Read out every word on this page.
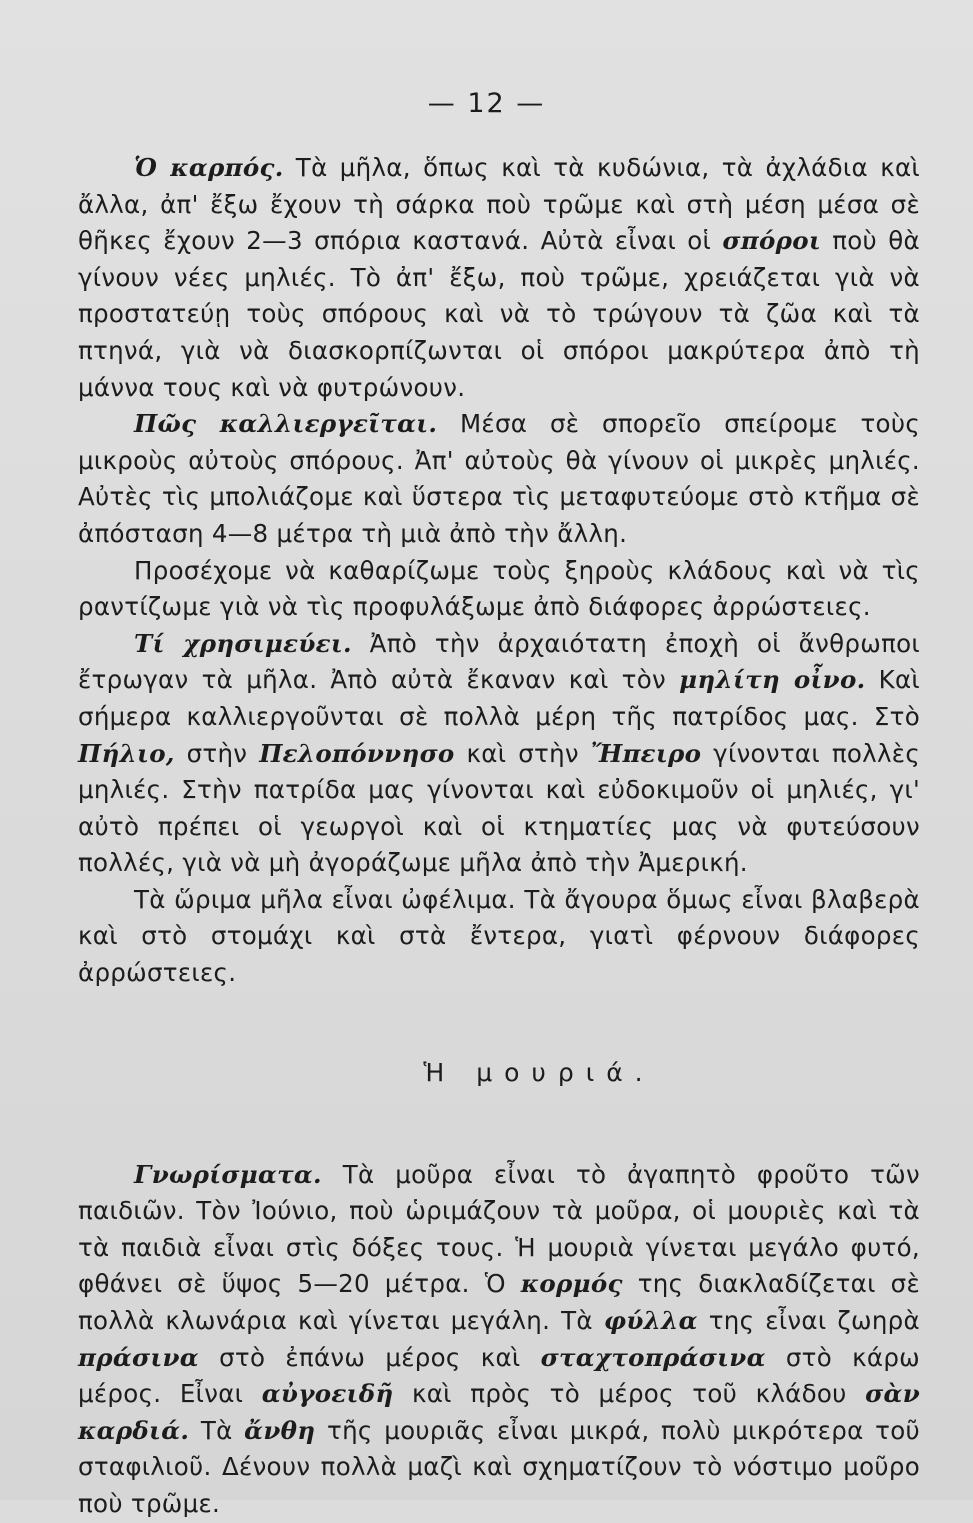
— 12 —

Ὁ καρπός. Τὰ μῆλα, ὅπως καὶ τὰ κυδώνια, τὰ ἀχλάδια καὶ ἄλλα, ἀπ' ἔξω ἔχουν τὴ σάρκα ποὺ τρῶμε καὶ στὴ μέση μέσα σὲ θῆκες ἔχουν 2—3 σπόρια καστανά. Αὐτὰ εἶναι οἱ σπόροι ποὺ θὰ γίνουν νέες μηλιές. Τὸ ἀπ' ἔξω, ποὺ τρῶμε, χρειάζεται γιὰ νὰ προστατεύῃ τοὺς σπόρους καὶ νὰ τὸ τρώγουν τὰ ζῶα καὶ τὰ πτηνά, γιὰ νὰ διασκορπίζωνται οἱ σπόροι μακρύτερα ἀπὸ τὴ μάννα τους καὶ νὰ φυτρώνουν.

Πῶς καλλιεργεῖται. Μέσα σὲ σπορεῖο σπείρομε τοὺς μικροὺς αὐτοὺς σπόρους. Ἀπ' αὐτοὺς θὰ γίνουν οἱ μικρὲς μηλιές. Αὐτὲς τὶς μπολιάζομε καὶ ὕστερα τὶς μεταφυτεύομε στὸ κτῆμα σὲ ἀπόσταση 4—8 μέτρα τὴ μιὰ ἀπὸ τὴν ἄλλη.

Προσέχομε νὰ καθαρίζωμε τοὺς ξηροὺς κλάδους καὶ νὰ τὶς ραντίζωμε γιὰ νὰ τὶς προφυλάξωμε ἀπὸ διάφορες ἀρρώστειες.

Τί χρησιμεύει. Ἀπὸ τὴν ἀρχαιότατη ἐποχὴ οἱ ἄνθρωποι ἔτρωγαν τὰ μῆλα. Ἀπὸ αὐτὰ ἔκαναν καὶ τὸν μηλίτη οἶνο. Καὶ σήμερα καλλιεργοῦνται σὲ πολλὰ μέρη τῆς πατρίδος μας. Στὸ Πήλιο, στὴν Πελοπόννησο καὶ στὴν Ἤπειρο γίνονται πολλὲς μηλιές. Στὴν πατρίδα μας γίνονται καὶ εὐδοκιμοῦν οἱ μηλιές, γι' αὐτὸ πρέπει οἱ γεωργοὶ καὶ οἱ κτηματίες μας νὰ φυτεύσουν πολλές, γιὰ νὰ μὴ ἀγοράζωμε μῆλα ἀπὸ τὴν Ἀμερική.

Τὰ ὥριμα μῆλα εἶναι ὠφέλιμα. Τὰ ἄγουρα ὅμως εἶναι βλαβερὰ καὶ στὸ στομάχι καὶ στὰ ἔντερα, γιατὶ φέρνουν διάφορες ἀρρώστειες.

Ἡ μουριά.

Γνωρίσματα. Τὰ μοῦρα εἶναι τὸ ἀγαπητὸ φροῦτο τῶν παιδιῶν. Τὸν Ἰούνιο, ποὺ ὡριμάζουν τὰ μοῦρα, οἱ μουριὲς καὶ τὰ τὰ παιδιὰ εἶναι στὶς δόξες τους. Ἡ μουριὰ γίνεται μεγάλο φυτό, φθάνει σὲ ὕψος 5—20 μέτρα. Ὁ κορμός της διακλαδίζεται σὲ πολλὰ κλωνάρια καὶ γίνεται μεγάλη. Τὰ φύλλα της εἶναι ζωηρὰ πράσινα στὸ ἐπάνω μέρος καὶ σταχτοπράσινα στὸ κάρω μέρος. Εἶναι αὐγοειδῆ καὶ πρὸς τὸ μέρος τοῦ κλάδου σὰν καρδιά. Τὰ ἄνθη τῆς μουριᾶς εἶναι μικρά, πολὺ μικρότερα τοῦ σταφιλιοῦ. Δένουν πολλὰ μαζὶ καὶ σχηματίζουν τὸ νόστιμο μοῦρο ποὺ τρῶμε.
